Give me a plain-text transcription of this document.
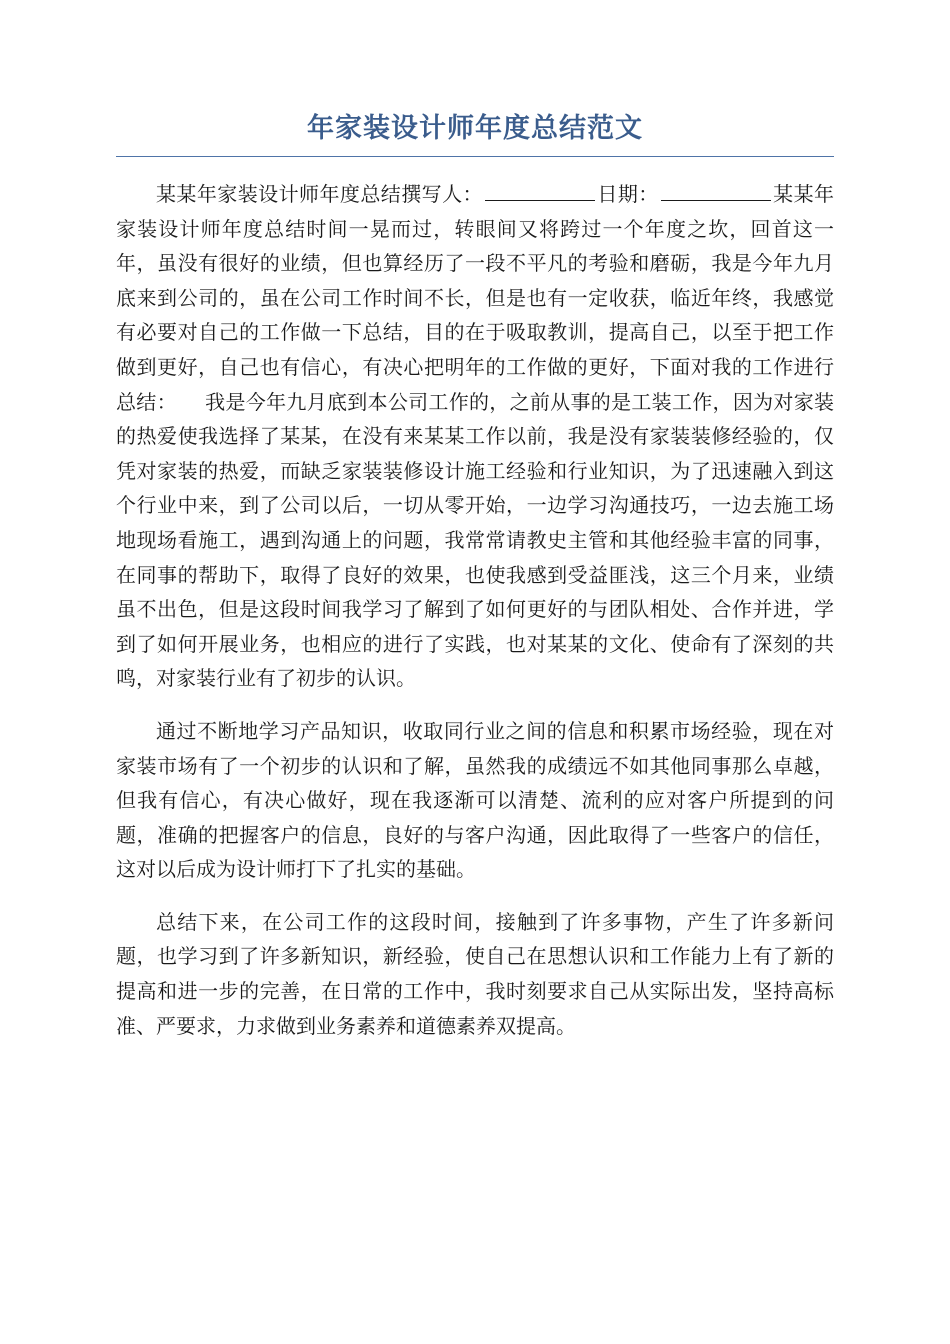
年家装设计师年度总结范文

某某年家装设计师年度总结撰写人：	日期：	某某年家装设计师年度总结时间一晃而过，转眼间又将跨过一个年度之坎，回首这一年，虽没有很好的业绩，但也算经历了一段不平凡的考验和磨砺，我是今年九月底来到公司的，虽在公司工作时间不长，但是也有一定收获，临近年终，我感觉有必要对自己的工作做一下总结，目的在于吸取教训，提高自己，以至于把工作做到更好，自己也有信心，有决心把明年的工作做的更好，下面对我的工作进行总结： 我是今年九月底到本公司工作的，之前从事的是工装工作，因为对家装的热爱使我选择了某某，在没有来某某工作以前，我是没有家装装修经验的，仅凭对家装的热爱，而缺乏家装装修设计施工经验和行业知识，为了迅速融入到这个行业中来，到了公司以后，一切从零开始，一边学习沟通技巧，一边去施工场地现场看施工，遇到沟通上的问题，我常常请教史主管和其他经验丰富的同事，在同事的帮助下，取得了良好的效果，也使我感到受益匪浅，这三个月来，业绩虽不出色，但是这段时间我学习了解到了如何更好的与团队相处、合作并进，学到了如何开展业务，也相应的进行了实践，也对某某的文化、使命有了深刻的共鸣，对家装行业有了初步的认识。

通过不断地学习产品知识，收取同行业之间的信息和积累市场经验，现在对家装市场有了一个初步的认识和了解，虽然我的成绩远不如其他同事那么卓越，但我有信心，有决心做好，现在我逐渐可以清楚、流利的应对客户所提到的问题，准确的把握客户的信息，良好的与客户沟通，因此取得了一些客户的信任，这对以后成为设计师打下了扎实的基础。

总结下来，在公司工作的这段时间，接触到了许多事物，产生了许多新问题，也学习到了许多新知识，新经验，使自己在思想认识和工作能力上有了新的提高和进一步的完善，在日常的工作中，我时刻要求自己从实际出发，坚持高标准、严要求，力求做到业务素养和道德素养双提高。
